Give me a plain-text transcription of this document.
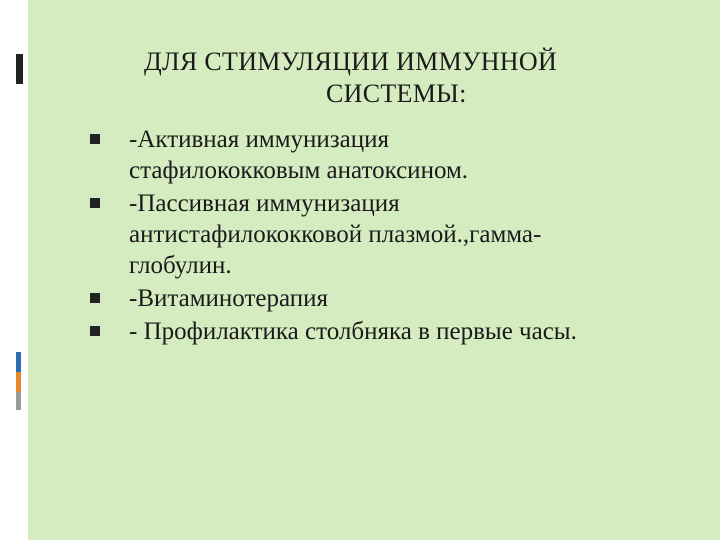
ДЛЯ СТИМУЛЯЦИИ ИММУННОЙ
СИСТЕМЫ:
-Активная иммунизация
стафилококковым анатоксином.
-Пассивная иммунизация
антистафилококковой плазмой.,гамма-
глобулин.
-Витаминотерапия
- Профилактика столбняка в первые часы.
